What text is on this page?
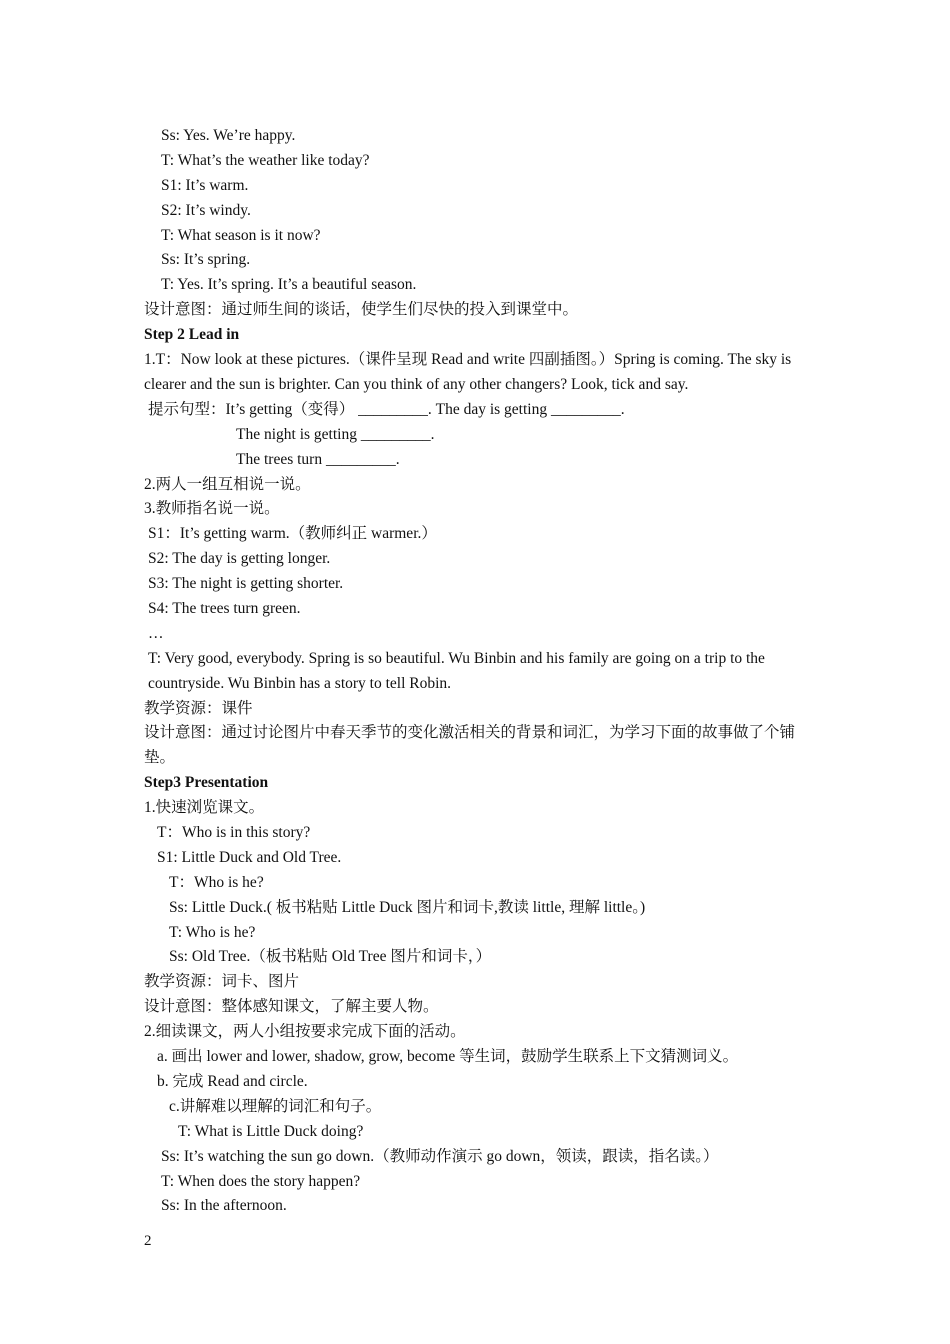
Ss: Yes. We’re happy.
T: What’s the weather like today?
S1: It’s warm.
S2: It’s windy.
T: What season is it now?
Ss: It’s spring.
T: Yes. It’s spring. It’s a beautiful season.
设计意图：通过师生间的谈话，使学生们尽快的投入到课堂中。
Step 2 Lead in
1.T：Now look at these pictures.（课件呈现 Read and write 四副插图。）Spring is coming. The sky is clearer and the sun is brighter. Can you think of any other changers? Look, tick and say.
提示句型：It’s getting（变得） _________. The day is getting _________.
The night is getting _________.
The trees turn _________.
2.两人一组互相说一说。
3.教师指名说一说。
S1：It’s getting warm.（教师纠正 warmer.）
S2: The day is getting longer.
S3: The night is getting shorter.
S4: The trees turn green.
…
T: Very good, everybody. Spring is so beautiful. Wu Binbin and his family are going on a trip to the countryside. Wu Binbin has a story to tell Robin.
教学资源：课件
设计意图：通过讨论图片中春天季节的变化激活相关的背景和词汇，为学习下面的故事做了个铺垫。
Step3 Presentation
1.快速浏览课文。
T：Who is in this story?
S1: Little Duck and Old Tree.
T：Who is he?
Ss: Little Duck.( 板书粘贴 Little Duck 图片和词卡,教读 little, 理解 little。)
T: Who is he?
Ss: Old Tree.（板书粘贴 Old Tree 图片和词卡，）
教学资源：词卡、图片
设计意图：整体感知课文，了解主要人物。
2.细读课文，两人小组按要求完成下面的活动。
a. 画出 lower and lower, shadow, grow, become 等生词，鼓励学生联系上下文猜测词义。
b. 完成 Read and circle.
c.讲解难以理解的词汇和句子。
T: What is Little Duck doing?
Ss: It’s watching the sun go down.（教师动作演示 go down，领读，跟读，指名读。）
T: When does the story happen?
Ss: In the afternoon.
2
